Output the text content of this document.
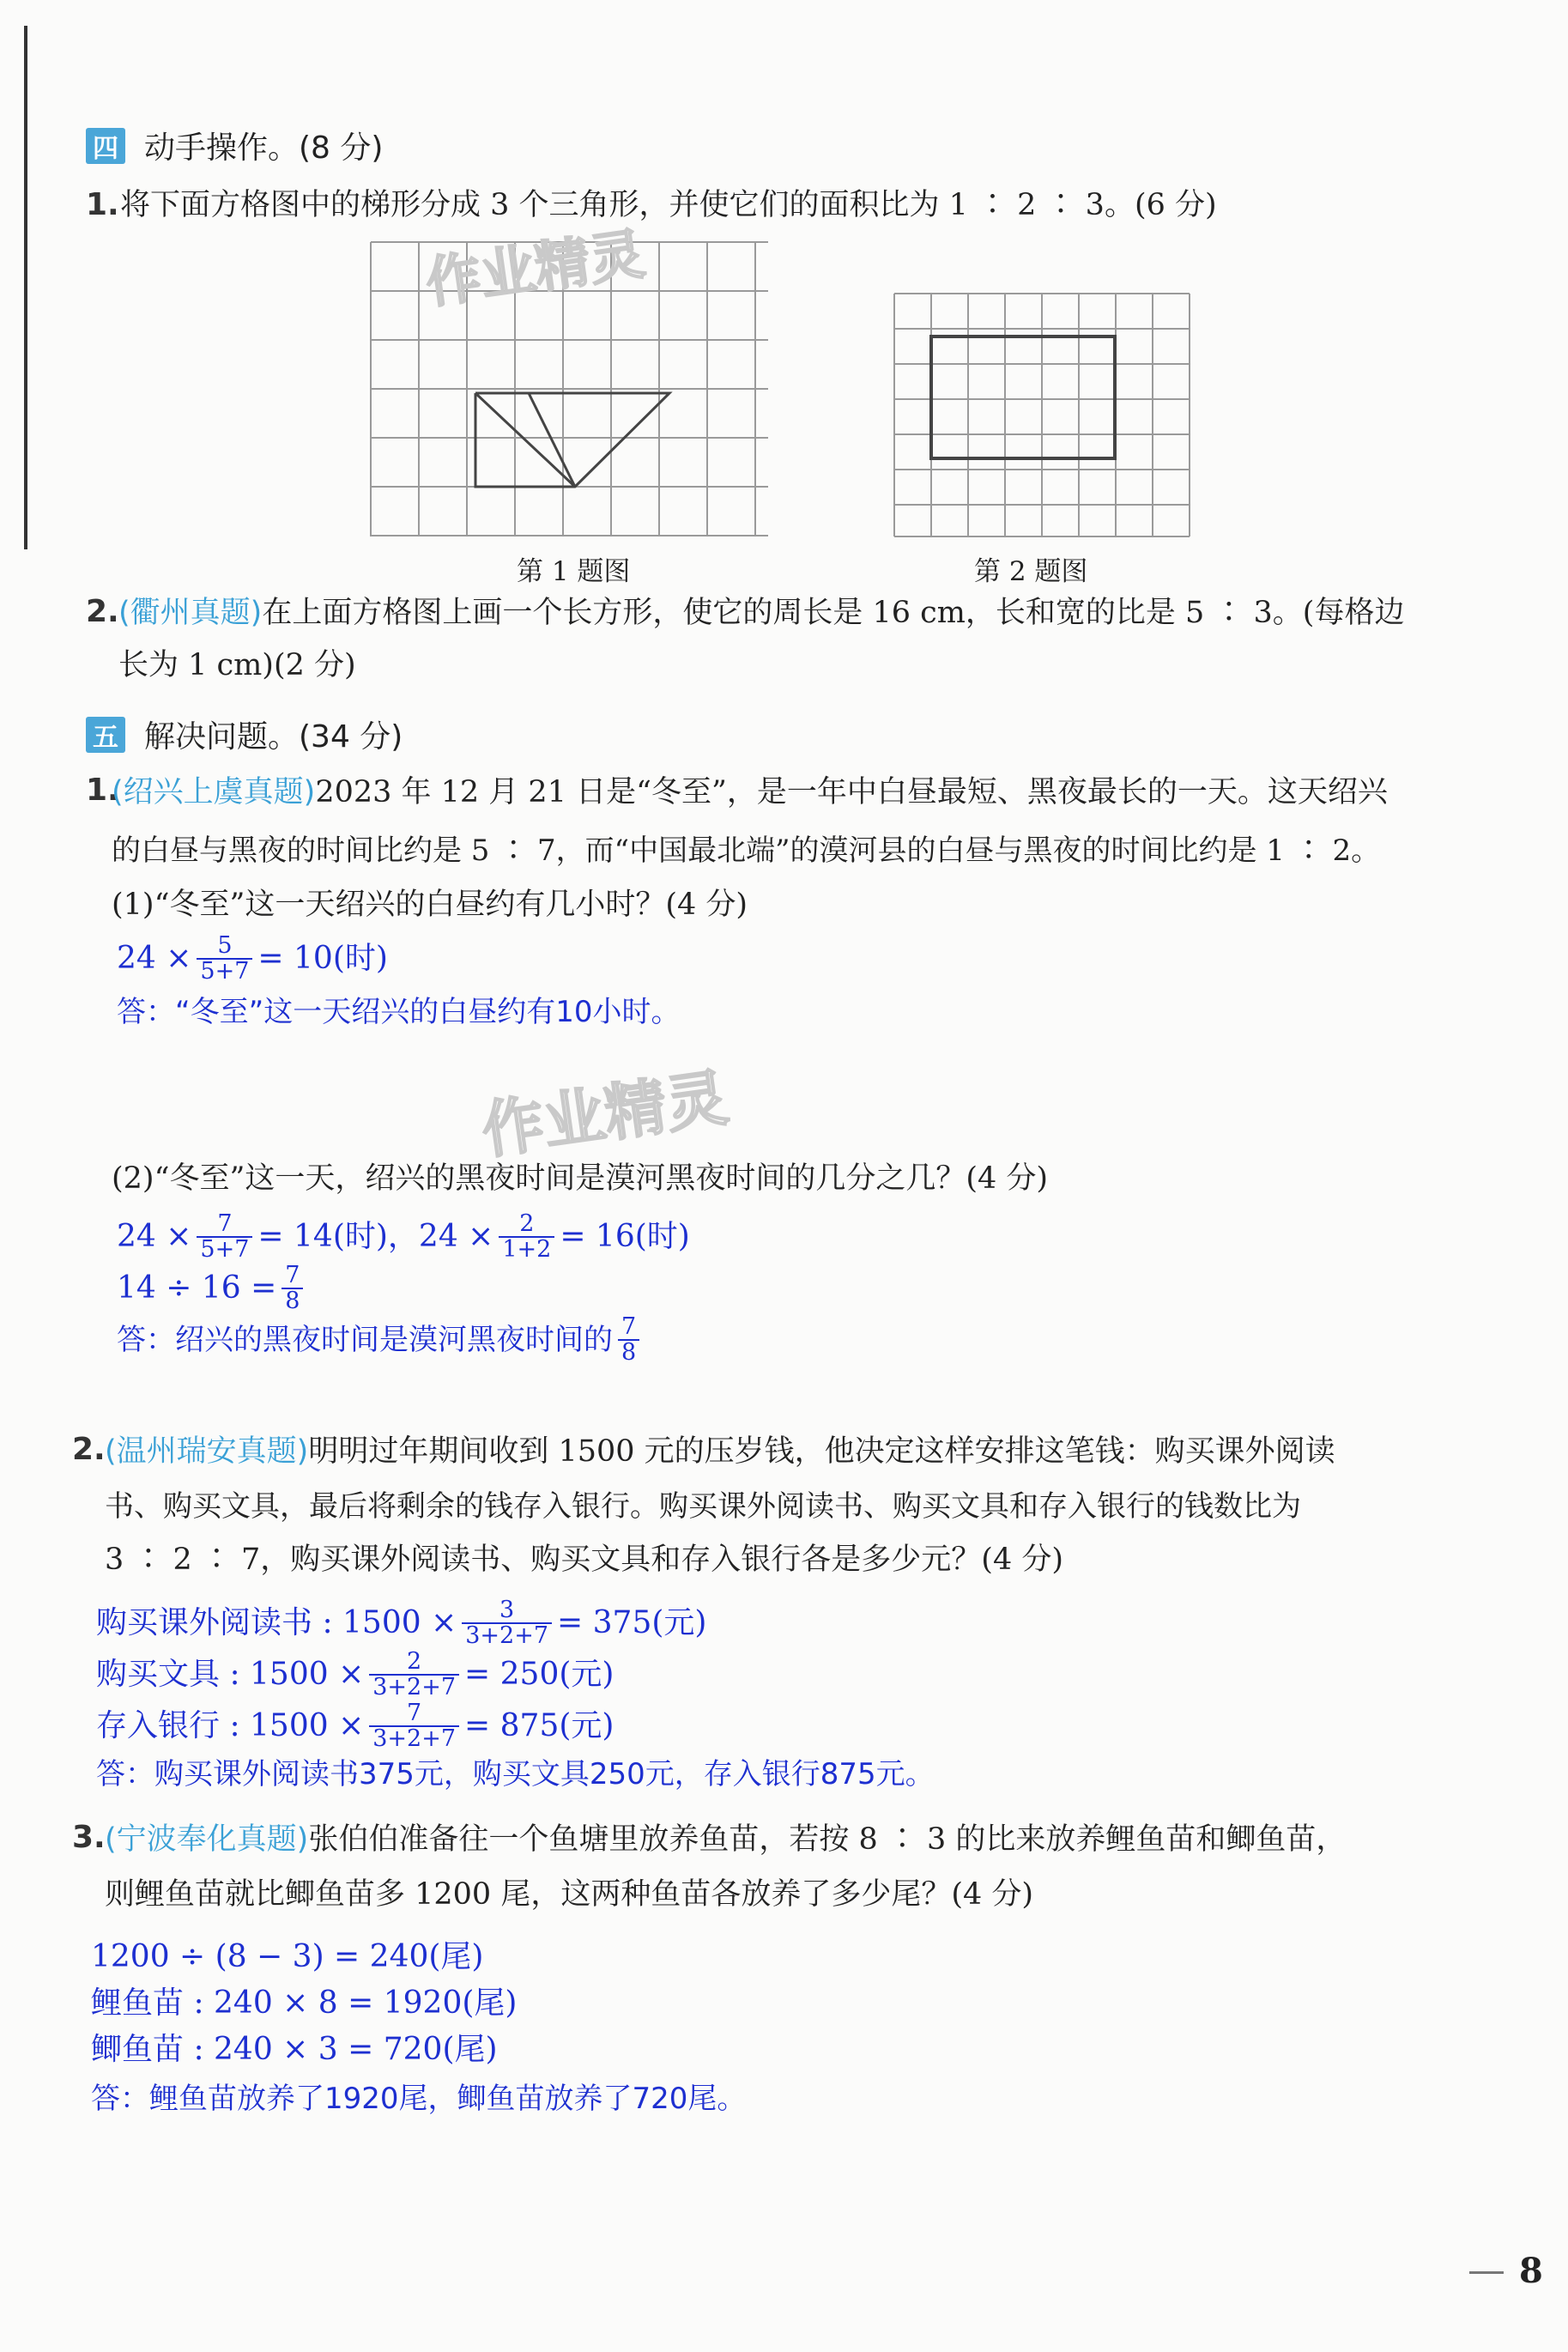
四 动手操作。(8 分)
1. 将下面方格图中的梯形分成 3 个三角形，并使它们的面积比为 1 ∶ 2 ∶ 3。(6 分)
第 1 题图	第 2 题图
作业精灵
2. (衢州真题)在上面方格图上画一个长方形，使它的周长是 16 cm，长和宽的比是 5 ∶ 3。(每格边
长为 1 cm)(2 分)
五 解决问题。(34 分)
1.
(绍兴上虞真题)2023 年 12 月 21 日是“冬至”，是一年中白昼最短、黑夜最长的一天。这天绍兴
的白昼与黑夜的时间比约是 5 ∶ 7，而“中国最北端”的漠河县的白昼与黑夜的时间比约是 1 ∶ 2。
(1)“冬至”这一天绍兴的白昼约有几小时？(4 分)
$24 \times \frac{5}{5+7} = 10$(时)
答：“冬至”这一天绍兴的白昼约有10小时。
作业精灵
(2)“冬至”这一天，绍兴的黑夜时间是漠河黑夜时间的几分之几？(4 分)
$24 \times \frac{7}{5+7} = 14$(时)，$24 \times \frac{2}{1+2} = 16$(时)
$14 \div 16 = \frac{7}{8}$
答：绍兴的黑夜时间是漠河黑夜时间的 $\frac{7}{8}$
2. (温州瑞安真题)明明过年期间收到 1500 元的压岁钱，他决定这样安排这笔钱：购买课外阅读
书、购买文具，最后将剩余的钱存入银行。购买课外阅读书、购买文具和存入银行的钱数比为
3 ∶ 2 ∶ 7，购买课外阅读书、购买文具和存入银行各是多少元？(4 分)
购买课外阅读书 : $1500 \times \frac{3}{3+2+7} = 375$(元)
购买文具 : $1500 \times \frac{2}{3+2+7} = 250$(元)
存入银行 : $1500 \times \frac{7}{3+2+7} = 875$(元)
答：购买课外阅读书375元，购买文具250元，存入银行875元。
3. (宁波奉化真题)张伯伯准备往一个鱼塘里放养鱼苗，若按 8 ∶ 3 的比来放养鲤鱼苗和鲫鱼苗，
则鲤鱼苗就比鲫鱼苗多 1200 尾，这两种鱼苗各放养了多少尾？(4 分)
1200 ÷ (8 − 3) = 240(尾)
鲤鱼苗 : 240 × 8 = 1920(尾)
鲫鱼苗 : 240 × 3 = 720(尾)
答：鲤鱼苗放养了1920尾，鲫鱼苗放养了720尾。
8
